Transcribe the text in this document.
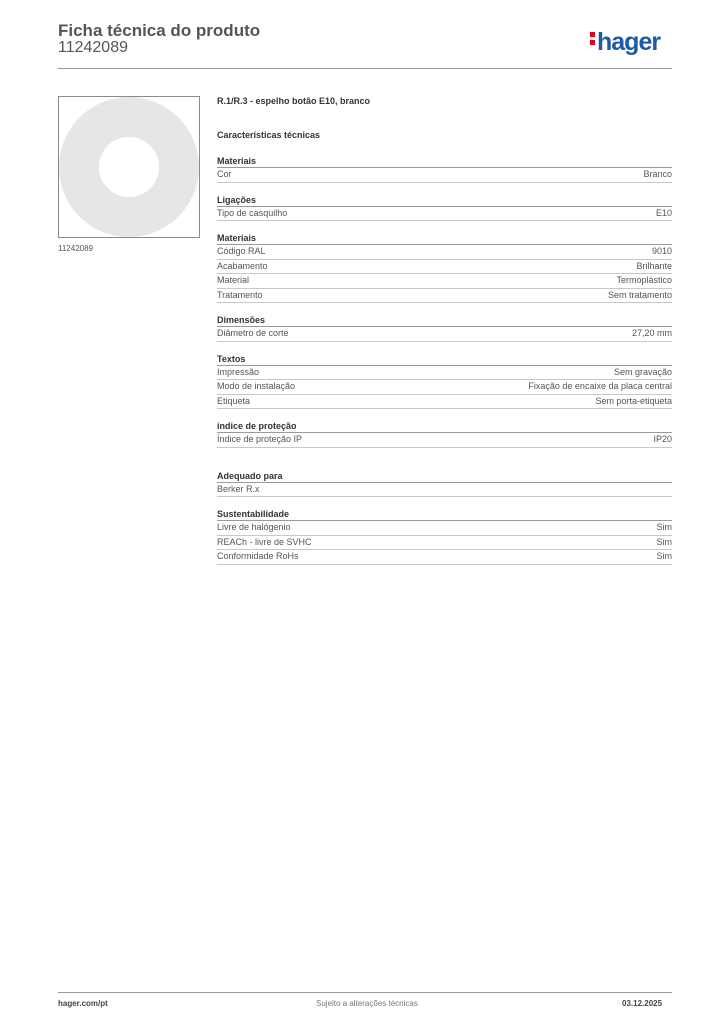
Ficha técnica do produto
11242089	hager
11242089
R.1/R.3 - espelho botão E10, branco
Características técnicas
Materiais
Cor	Branco
Ligações
Tipo de casquilho	E10
Materiais
Código RAL	9010
Acabamento	Brilhante
Material	Termoplástico
Tratamento	Sem tratamento
Dimensões
Diâmetro de corte	27,20 mm
Textos
Impressão	Sem gravação
Modo de instalação	Fixação de encaixe da placa central
Etiqueta	Sem porta-etiqueta
índice de proteção
Índice de proteção IP	IP20
Adequado para
Berker R.x
Sustentabilidade
Livre de halógenio	Sim
REACh - livre de SVHC	Sim
Conformidade RoHs	Sim
hager.com/pt	Sujeito a alterações técnicas	03.12.2025
